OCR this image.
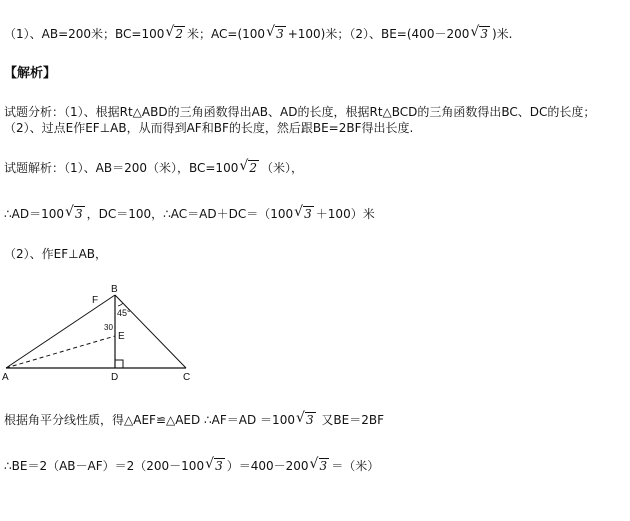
（1）、AB=200米；BC=100 √ 2 米；AC=(100 √ 3 +100)米；（2）、BE=(400－200 √ 3 )米.
【解析】
试题分析：（1）、根据Rt△ABD的三角函数得出AB、AD的长度，根据Rt△BCD的三角函数得出BC、DC的长度；（2）、过点E作EF⊥AB，从而得到AF和BF的长度，然后跟BE=2BF得出长度.
试题解析：（1）、AB＝200（米），BC=100 √ 2 （米），
∴AD＝100 √ 3 ，DC＝100，∴AC＝AD＋DC＝（100 √ 3 ＋100）米
（2）、作EF⊥AB，
A
B
C
D
E
F
45°
30
根据角平分线性质，得△AEF≌△AED ∴AF＝AD ＝100 √ 3 又BE＝2BF
∴BE＝2（AB－AF）＝2（200－100 √ 3 ）＝400－200 √ 3 ＝（米）
